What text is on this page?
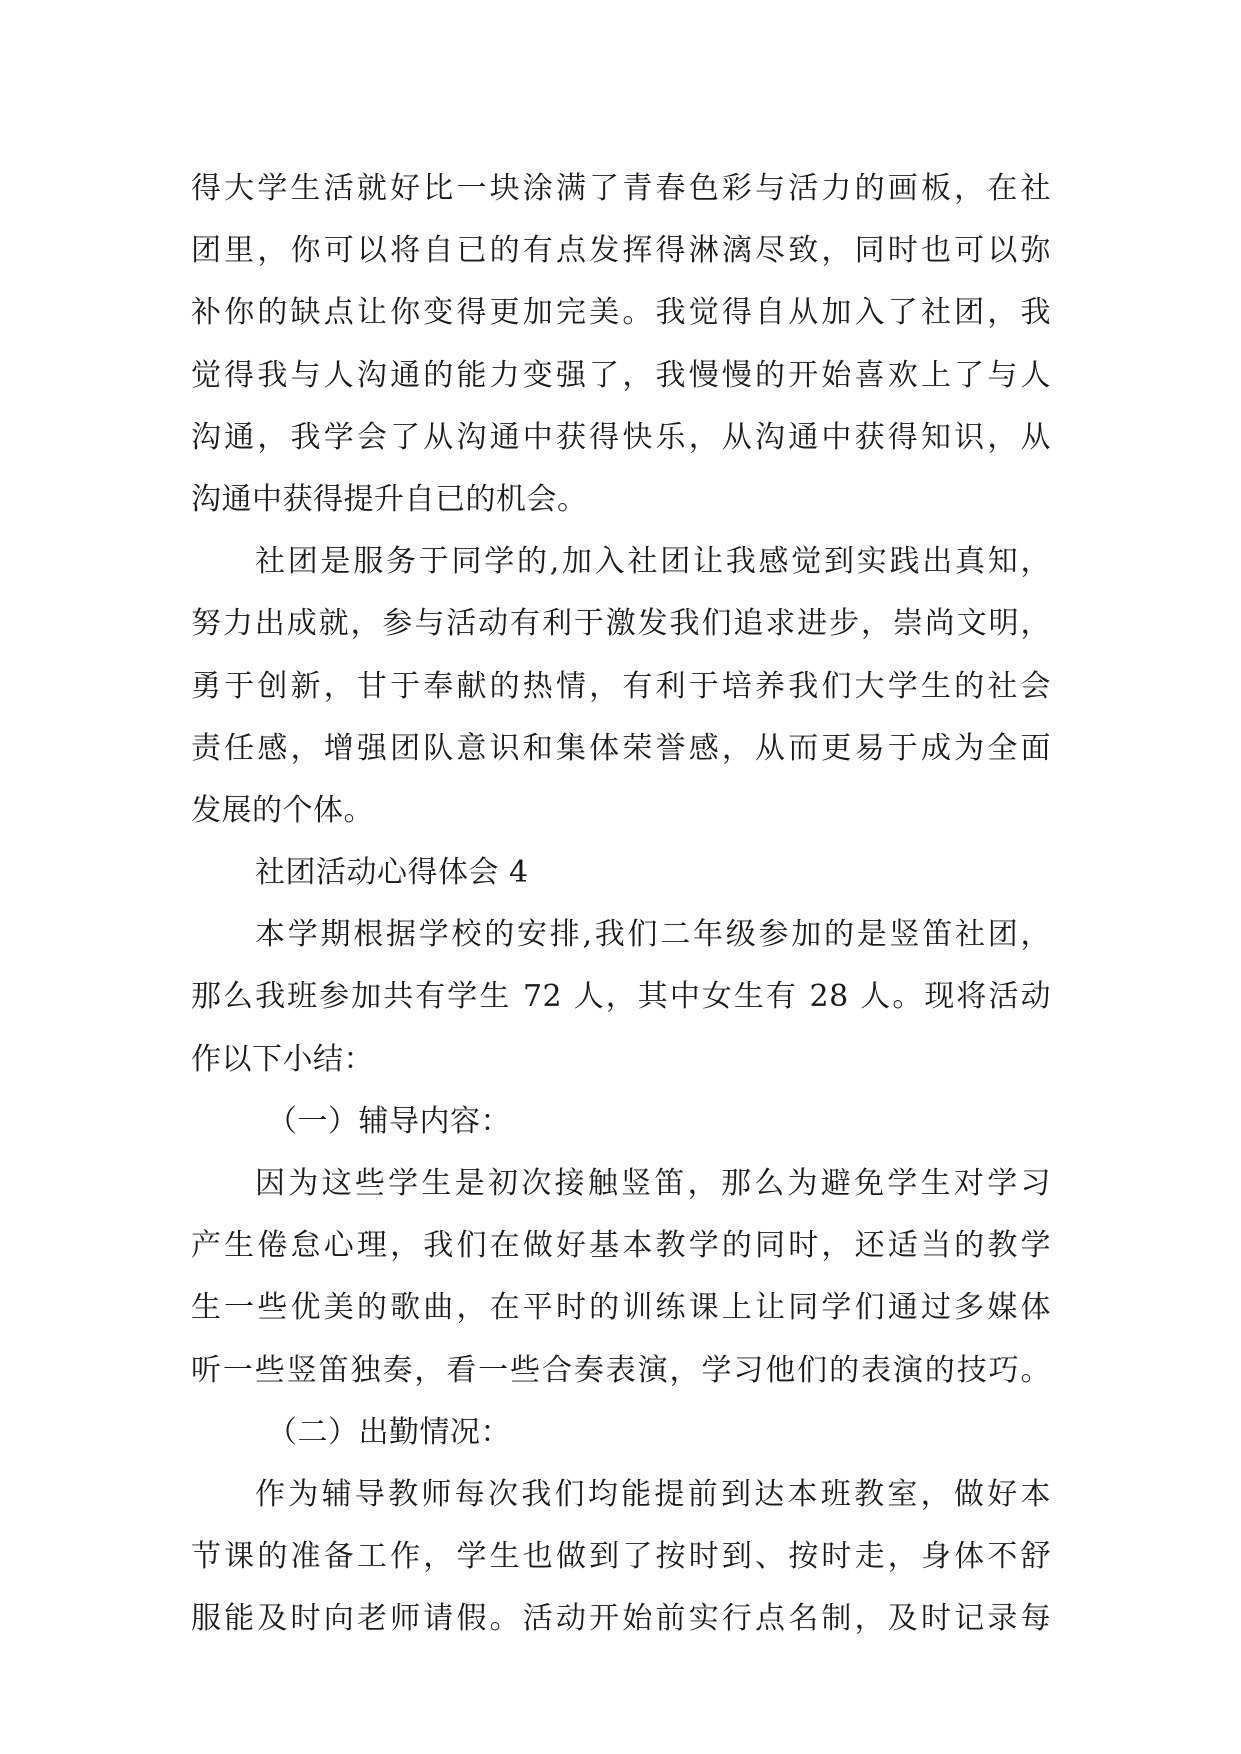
得大学生活就好比一块涂满了青春色彩与活力的画板，在社
团里，你可以将自已的有点发挥得淋漓尽致，同时也可以弥
补你的缺点让你变得更加完美。我觉得自从加入了社团，我
觉得我与人沟通的能力变强了，我慢慢的开始喜欢上了与人
沟通，我学会了从沟通中获得快乐，从沟通中获得知识，从
沟通中获得提升自已的机会。
社团是服务于同学的,加入社团让我感觉到实践出真知，
努力出成就，参与活动有利于激发我们追求进步，崇尚文明，
勇于创新，甘于奉献的热情，有利于培养我们大学生的社会
责任感，增强团队意识和集体荣誉感，从而更易于成为全面
发展的个体。
社团活动心得体会 4
本学期根据学校的安排,我们二年级参加的是竖笛社团，
那么我班参加共有学生 72 人，其中女生有 28 人。现将活动
作以下小结：
（一）辅导内容：
因为这些学生是初次接触竖笛，那么为避免学生对学习
产生倦怠心理，我们在做好基本教学的同时，还适当的教学
生一些优美的歌曲，在平时的训练课上让同学们通过多媒体
听一些竖笛独奏，看一些合奏表演，学习他们的表演的技巧。
（二）出勤情况：
作为辅导教师每次我们均能提前到达本班教室，做好本
节课的准备工作，学生也做到了按时到、按时走，身体不舒
服能及时向老师请假。活动开始前实行点名制，及时记录每
